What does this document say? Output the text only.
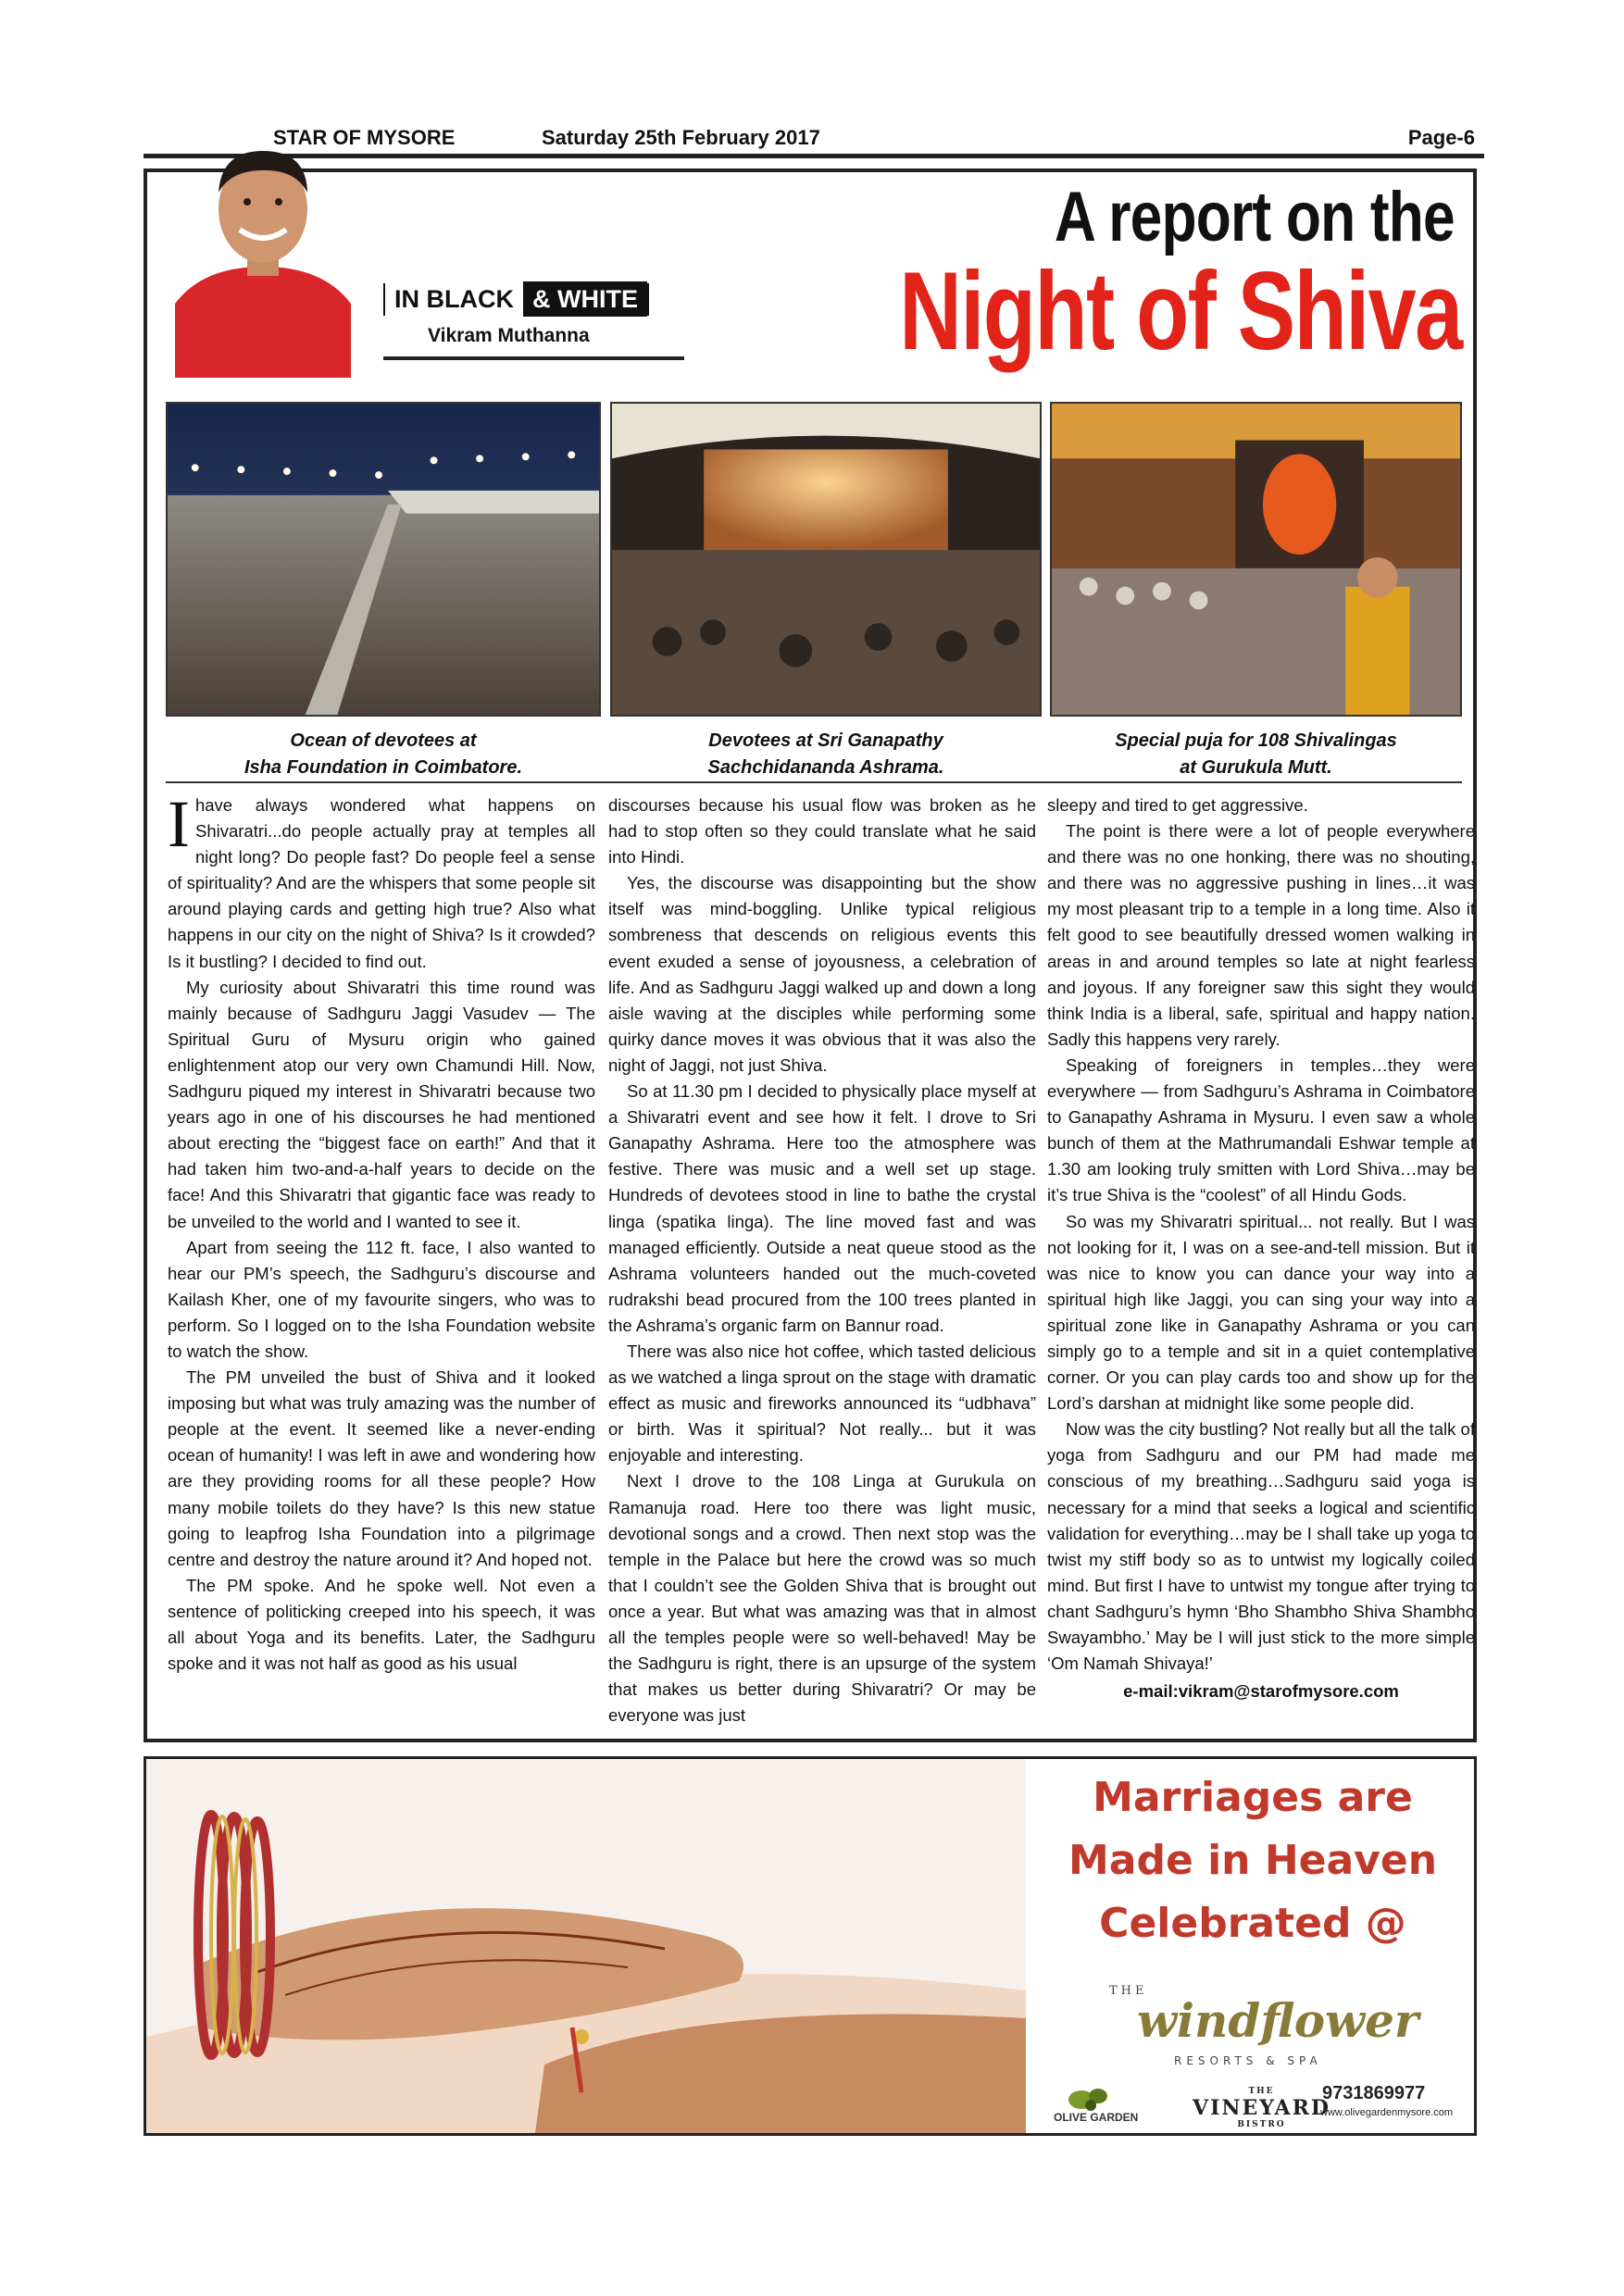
STAR OF MYSORE	Saturday 25th February 2017	Page-6
IN BLACK & WHITE
Vikram Muthanna
A report on the
Night of Shiva
Ocean of devotees at
Isha Foundation in Coimbatore.
Devotees at Sri Ganapathy
Sachchidananda Ashrama.
Special puja for 108 Shivalingas
at Gurukula Mutt.

Ihave always wondered what happens on Shivaratri...do people actually pray at temples all night long? Do people fast? Do people feel a sense of spirituality? And are the whispers that some people sit around playing cards and getting high true? Also what happens in our city on the night of Shiva? Is it crowded? Is it bustling? I decided to find out.

My curiosity about Shivaratri this time round was mainly because of Sadhguru Jaggi Vasudev — The Spiritual Guru of Mysuru origin who gained enlightenment atop our very own Chamundi Hill. Now, Sadhguru piqued my interest in Shivaratri because two years ago in one of his discourses he had mentioned about erecting the “biggest face on earth!” And that it had taken him two-and-a-half years to decide on the face! And this Shivaratri that gigantic face was ready to be unveiled to the world and I wanted to see it.

Apart from seeing the 112 ft. face, I also wanted to hear our PM’s speech, the Sadhguru’s discourse and Kailash Kher, one of my favourite singers, who was to perform. So I logged on to the Isha Foundation website to watch the show.

The PM unveiled the bust of Shiva and it looked imposing but what was truly amazing was the number of people at the event. It seemed like a never-ending ocean of humanity! I was left in awe and wondering how are they providing rooms for all these people? How many mobile toilets do they have? Is this new statue going to leapfrog Isha Foundation into a pilgrimage centre and destroy the nature around it? And hoped not.

The PM spoke. And he spoke well. Not even a sentence of politicking creeped into his speech, it was all about Yoga and its benefits. Later, the Sadhguru spoke and it was not half as good as his usual

discourses because his usual flow was broken as he had to stop often so they could translate what he said into Hindi.

Yes, the discourse was disappointing but the show itself was mind-boggling. Unlike typical religious sombreness that descends on religious events this event exuded a sense of joyousness, a celebration of life. And as Sadhguru Jaggi walked up and down a long aisle waving at the disciples while performing some quirky dance moves it was obvious that it was also the night of Jaggi, not just Shiva.

So at 11.30 pm I decided to physically place myself at a Shivaratri event and see how it felt. I drove to Sri Ganapathy Ashrama. Here too the atmosphere was festive. There was music and a well set up stage. Hundreds of devotees stood in line to bathe the crystal linga (spatika linga). The line moved fast and was managed efficiently. Outside a neat queue stood as the Ashrama volunteers handed out the much-coveted rudrakshi bead procured from the 100 trees planted in the Ashrama’s organic farm on Bannur road.

There was also nice hot coffee, which tasted delicious as we watched a linga sprout on the stage with dramatic effect as music and fireworks announced its “udbhava” or birth. Was it spiritual? Not really... but it was enjoyable and interesting.

Next I drove to the 108 Linga at Gurukula on Ramanuja road. Here too there was light music, devotional songs and a crowd. Then next stop was the temple in the Palace but here the crowd was so much that I couldn’t see the Golden Shiva that is brought out once a year. But what was amazing was that in almost all the temples people were so well-behaved! May be the Sadhguru is right, there is an upsurge of the system that makes us better during Shivaratri? Or may be everyone was just

sleepy and tired to get aggressive.

The point is there were a lot of people everywhere and there was no one honking, there was no shouting, and there was no aggressive pushing in lines…it was my most pleasant trip to a temple in a long time. Also it felt good to see beautifully dressed women walking in areas in and around temples so late at night fearless and joyous. If any foreigner saw this sight they would think India is a liberal, safe, spiritual and happy nation. Sadly this happens very rarely.

Speaking of foreigners in temples…they were everywhere — from Sadhguru’s Ashrama in Coimbatore to Ganapathy Ashrama in Mysuru. I even saw a whole bunch of them at the Mathrumandali Eshwar temple at 1.30 am looking truly smitten with Lord Shiva…may be it’s true Shiva is the “coolest” of all Hindu Gods.

So was my Shivaratri spiritual... not really. But I was not looking for it, I was on a see-and-tell mission. But it was nice to know you can dance your way into a spiritual high like Jaggi, you can sing your way into a spiritual zone like in Ganapathy Ashrama or you can simply go to a temple and sit in a quiet contemplative corner. Or you can play cards too and show up for the Lord’s darshan at midnight like some people did.

Now was the city bustling? Not really but all the talk of yoga from Sadhguru and our PM had made me conscious of my breathing…Sadhguru said yoga is necessary for a mind that seeks a logical and scientific validation for everything…may be I shall take up yoga to twist my stiff body so as to untwist my logically coiled mind. But first I have to untwist my tongue after trying to chant Sadhguru’s hymn ‘Bho Shambho Shiva Shambho Swayambho.’ May be I will just stick to the more simple ‘Om Namah Shivaya!’

e-mail:vikram@starofmysore.com
Marriages are
Made in Heaven
Celebrated @
THE
windflower
RESORTS & SPA
OLIVE GARDEN
THE
VINEYARD
BISTRO
9731869977
www.olivegardenmysore.com
